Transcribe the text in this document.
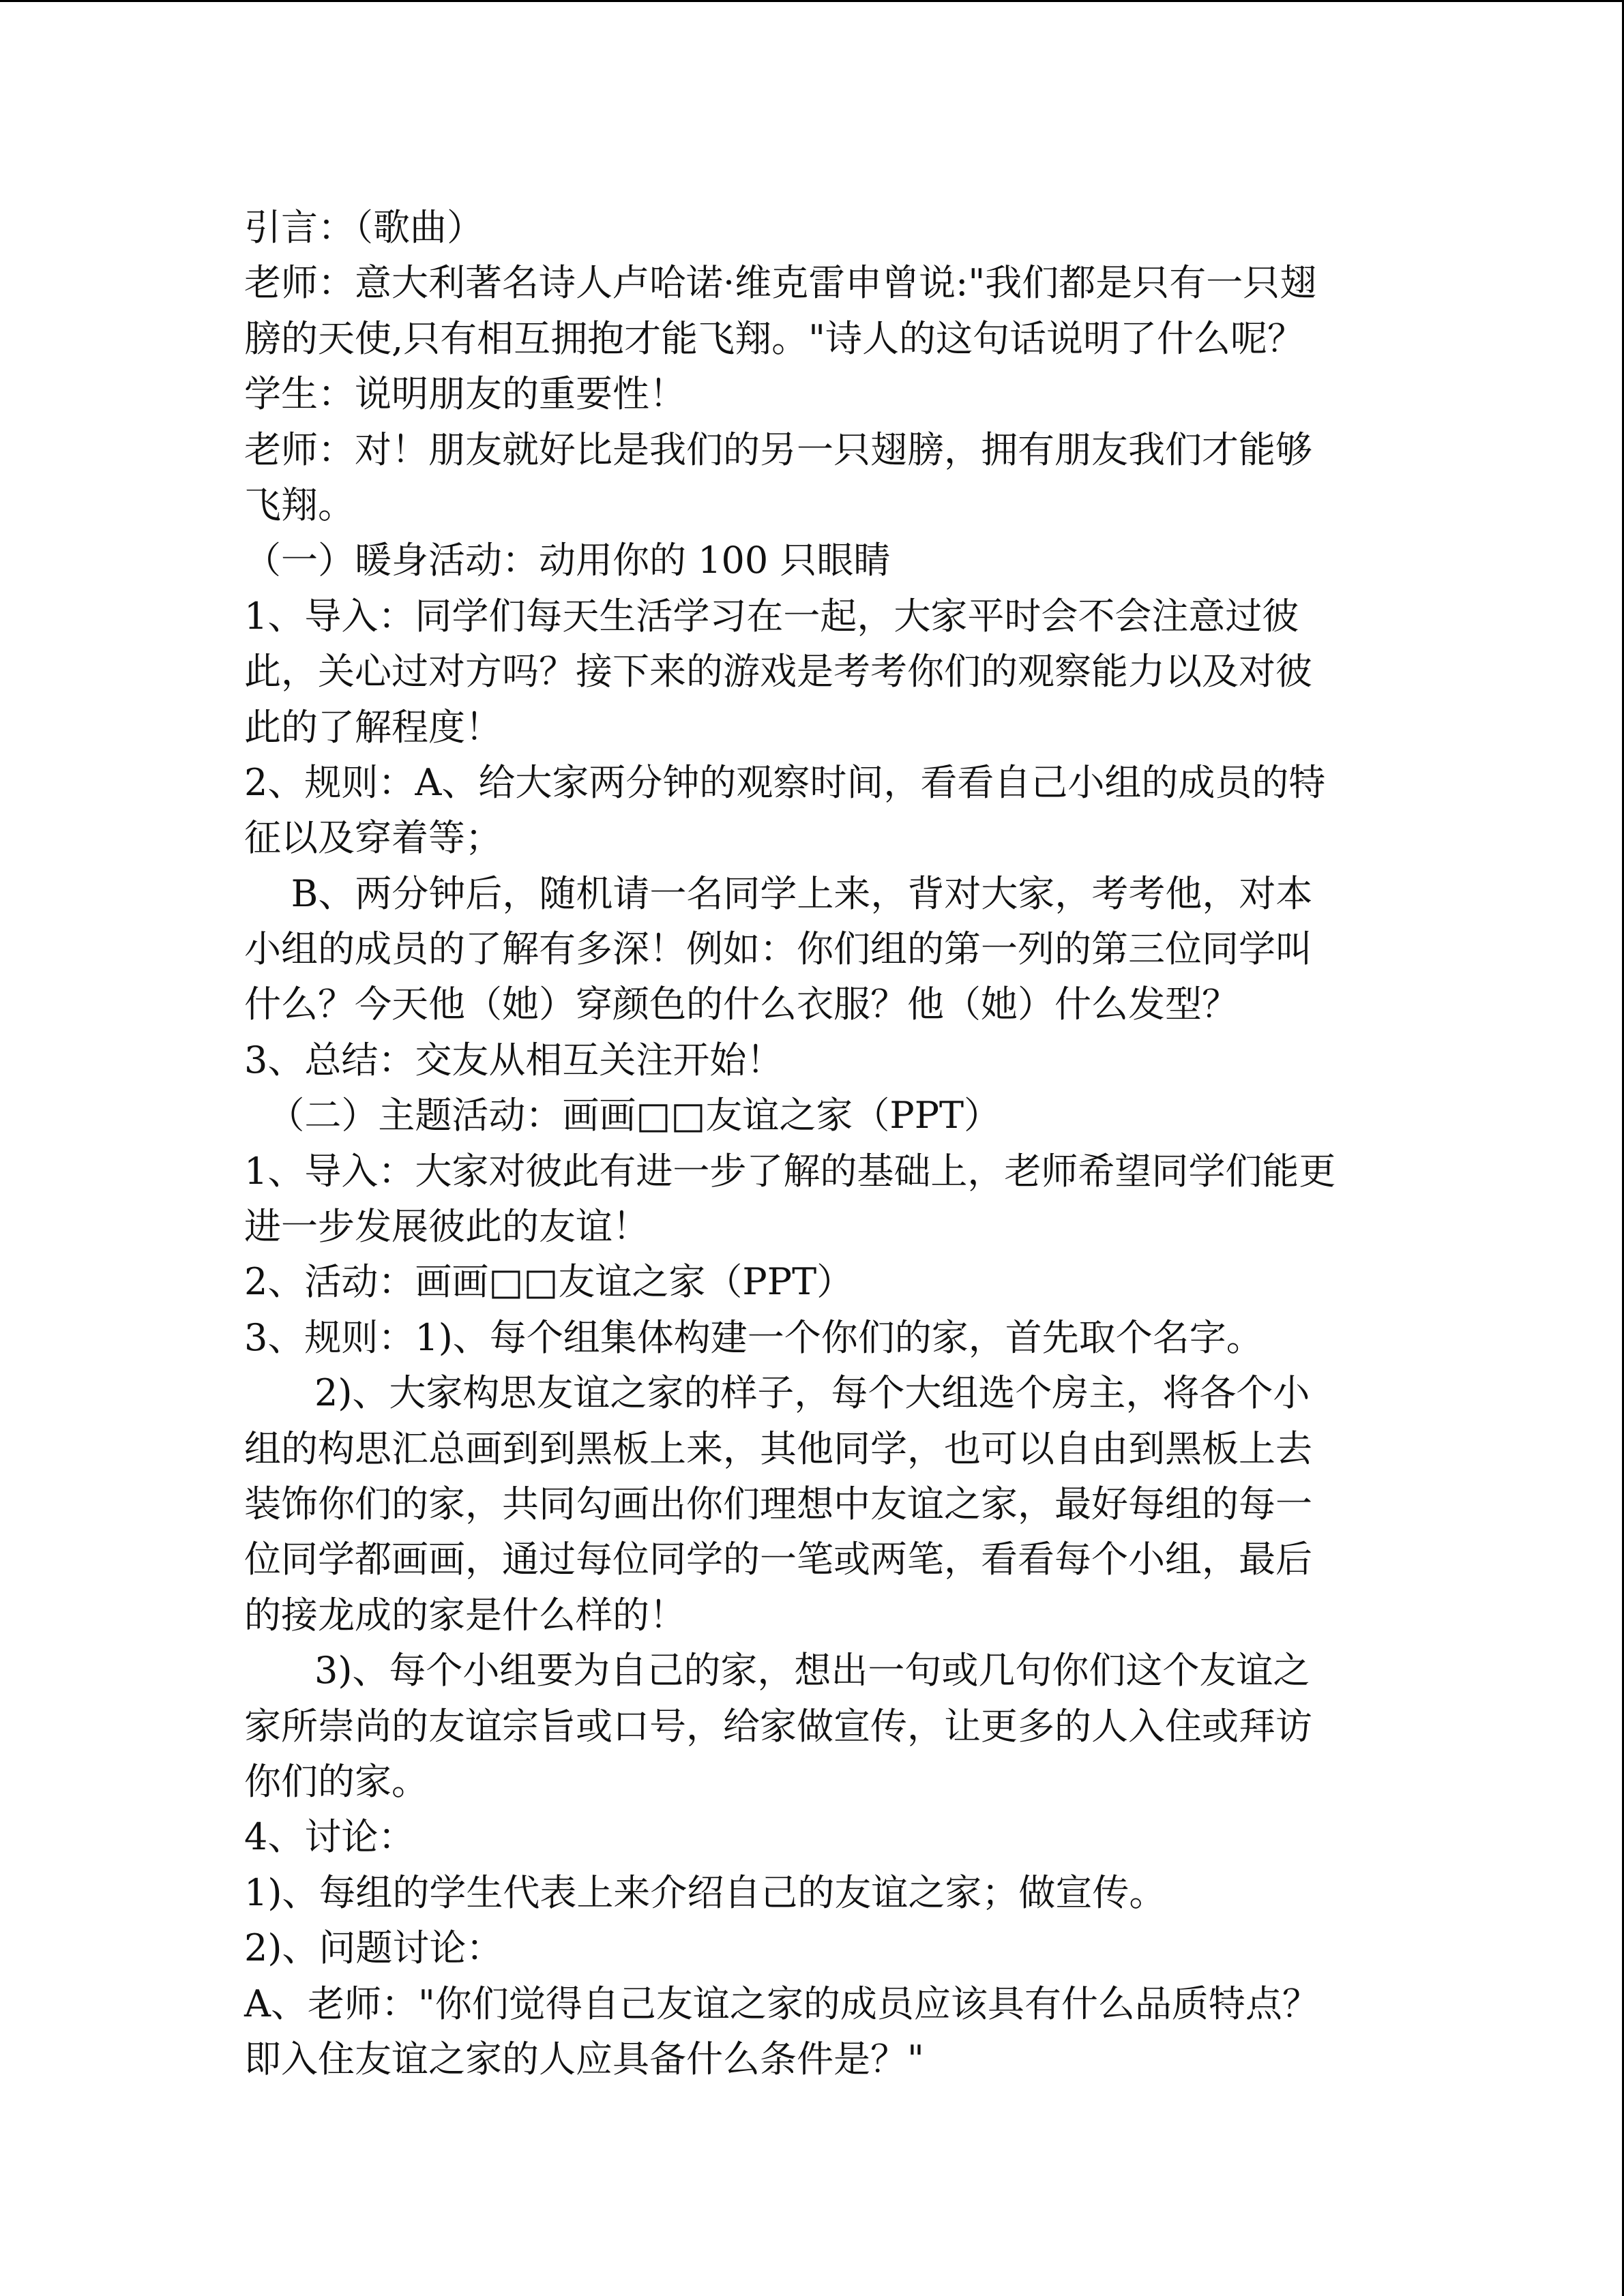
引言：（歌曲）
老师：意大利著名诗人卢哈诺·维克雷申曾说:"我们都是只有一只翅
膀的天使,只有相互拥抱才能飞翔。"诗人的这句话说明了什么呢？
学生：说明朋友的重要性！
老师：对！朋友就好比是我们的另一只翅膀，拥有朋友我们才能够
飞翔。
（一）暖身活动：动用你的 100 只眼睛
1、导入：同学们每天生活学习在一起，大家平时会不会注意过彼
此，关心过对方吗？接下来的游戏是考考你们的观察能力以及对彼
此的了解程度！
2、规则：A、给大家两分钟的观察时间，看看自己小组的成员的特
征以及穿着等；
B、两分钟后，随机请一名同学上来，背对大家，考考他，对本
小组的成员的了解有多深！例如：你们组的第一列的第三位同学叫
什么？今天他（她）穿颜色的什么衣服？他（她）什么发型？
3、总结：交友从相互关注开始！
（二）主题活动：画画□□友谊之家（PPT）
1、导入：大家对彼此有进一步了解的基础上，老师希望同学们能更
进一步发展彼此的友谊！
2、活动：画画□□友谊之家（PPT）
3、规则：1)、每个组集体构建一个你们的家，首先取个名字。
2)、大家构思友谊之家的样子，每个大组选个房主，将各个小
组的构思汇总画到到黑板上来，其他同学，也可以自由到黑板上去
装饰你们的家，共同勾画出你们理想中友谊之家，最好每组的每一
位同学都画画，通过每位同学的一笔或两笔，看看每个小组，最后
的接龙成的家是什么样的！
3)、每个小组要为自己的家，想出一句或几句你们这个友谊之
家所崇尚的友谊宗旨或口号，给家做宣传，让更多的人入住或拜访
你们的家。
4、讨论：
1)、每组的学生代表上来介绍自己的友谊之家；做宣传。
2)、问题讨论：
A、老师："你们觉得自己友谊之家的成员应该具有什么品质特点？
即入住友谊之家的人应具备什么条件是？"
